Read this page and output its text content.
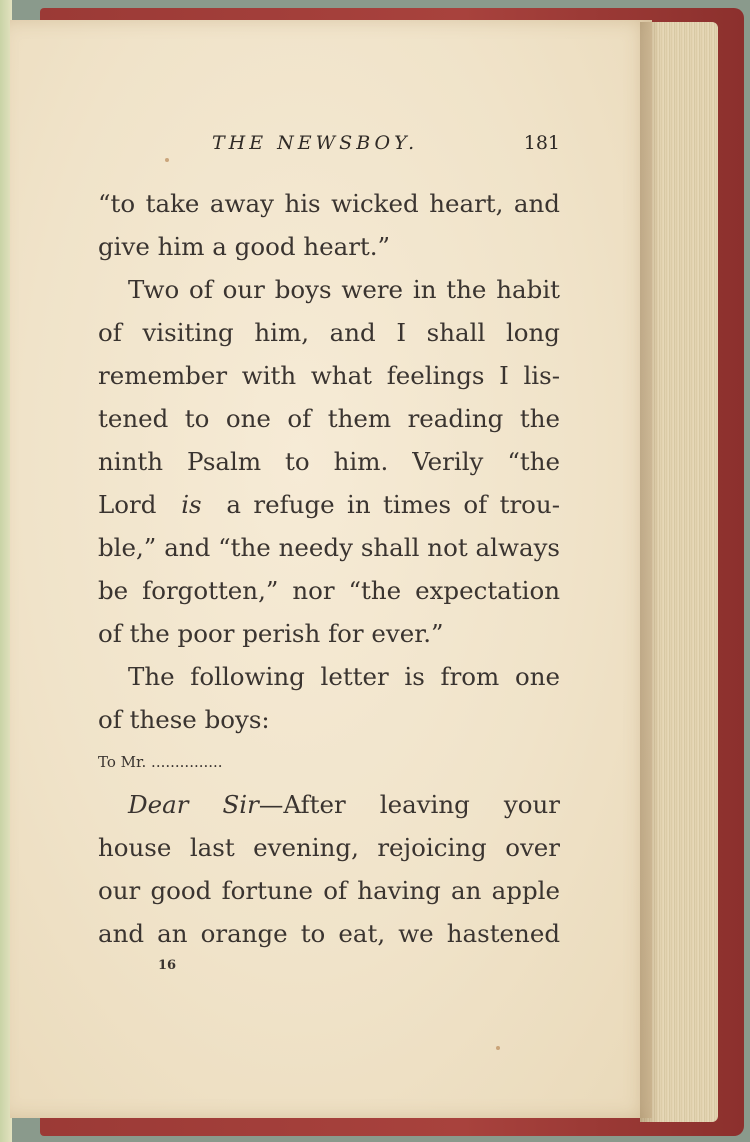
THE NEWSBOY.	181
“to take away his wicked heart, and
give him a good heart.”
Two of our boys were in the habit
of visiting him, and I shall long
remember with what feelings I lis-
tened to one of them reading the
ninth Psalm to him. Verily “the
Lord is a refuge in times of trou-
ble,” and “the needy shall not always
be forgotten,” nor “the expectation
of the poor perish for ever.”
The following letter is from one
of these boys:
To Mr. ...............
Dear Sir—After leaving your
house last evening, rejoicing over
our good fortune of having an apple
and an orange to eat, we hastened
16
